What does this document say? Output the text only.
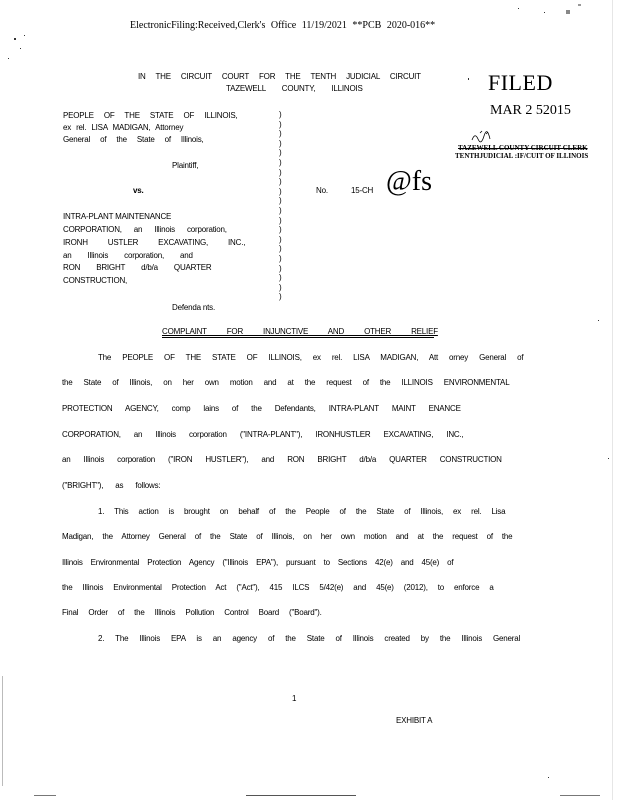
ElectronicFiling:Received,Clerk's Office 11/19/2021 **PCB 2020-016**
IN THE CIRCUIT COURT FOR THE TENTH JUDICIAL CIRCUIT
TAZEWELL COUNTY, ILLINOIS	FILED
MAR 2 52015
TAZEWELL COUNTY CIRCUIT CLERK
TENTHJUDICIAL :IF/CUIT OF ILLINOIS
PEOPLE OF THE STATE OF ILLINOIS,
ex rel. LISA MADIGAN, Attorney
General of the State of Illinois,
Plaintiff,
vs.	No.	15-CH @fs
INTRA-PLANT MAINTENANCE
CORPORATION, an Illinois corporation,
IRONH USTLER EXCAVATING, INC.,
an Illinois corporation, and
RON BRIGHT d/b/a QUARTER
CONSTRUCTION,
Defenda nts.
)
)
)
)
)
)
)
)
)
)
)
)
)
)
)
)
)
)
)
)
COMPLAINT FOR INJUNCTIVE AND OTHER RELIEF
The PEOPLE OF THE STATE OF ILLINOIS, ex rel. LISA MADIGAN, Att orney General of
the State of Illinois, on her own motion and at the request of the ILLINOIS ENVIRONMENTAL
PROTECTION AGENCY, comp lains of the Defendants, INTRA-PLANT MAINT ENANCE
CORPORATION, an Illinois corporation ("INTRA-PLANT"), IRONHUSTLER EXCAVATING, INC.,
an Illinois corporation ("IRON HUSTLER"), and RON BRIGHT d/b/a QUARTER CONSTRUCTION
("BRIGHT"), as follows:
1. This action is brought on behalf of the People of the State of Illinois, ex rel. Lisa
Madigan, the Attorney General of the State of Illinois, on her own motion and at the request of the
Illinois Environmental Protection Agency ("Illinois EPA"), pursuant to Sections 42(e) and 45(e) of
the Illinois Environmental Protection Act ("Act"), 415 ILCS 5/42(e) and 45(e) (2012), to enforce a
Final Order of the Illinois Pollution Control Board ("Board").
2. The Illinois EPA is an agency of the State of Illinois created by the Illinois General
1
EXHIBIT A
